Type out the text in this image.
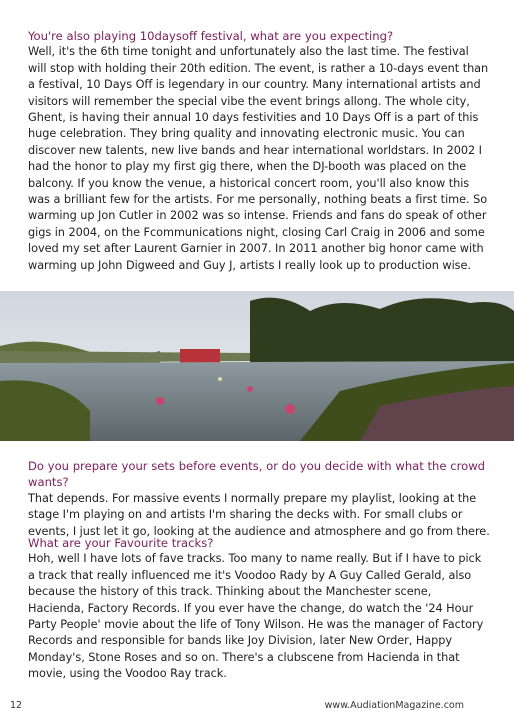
You're also playing 10daysoff festival, what are you expecting?

Well, it's the 6th time tonight and unfortunately also the last time. The festival will stop with holding their 20th edition. The event, is rather a 10-days event than a festival, 10 Days Off is legendary in our country. Many international artists and visitors will remember the special vibe the event brings allong. The whole city, Ghent, is having their annual 10 days festivities and 10 Days Off is a part of this huge celebration. They bring quality and innovating electronic music. You can discover new talents, new live bands and hear international worldstars. In 2002 I had the honor to play my first gig there, when the DJ-booth was placed on the balcony. If you know the venue, a historical concert room, you'll also know this was a brilliant few for the artists. For me personally, nothing beats a first time. So warming up Jon Cutler in 2002 was so intense. Friends and fans do speak of other gigs in 2004, on the Fcommunications night, closing Carl Craig in 2006 and some loved my set after Laurent Garnier in 2007. In 2011 another big honor came with warming up John Digweed and Guy J, artists I really look up to production wise.

Do you prepare your sets before events, or do you decide with what the crowd wants?

That depends. For massive events I normally prepare my playlist, looking at the stage I'm playing on and artists I'm sharing the decks with. For small clubs or events, I just let it go, looking at the audience and atmosphere and go from there.

What are your Favourite tracks?

Hoh, well I have lots of fave tracks. Too many to name really. But if I have to pick a track that really influenced me it's Voodoo Rady by A Guy Called Gerald, also because the history of this track. Thinking about the Manchester scene, Hacienda, Factory Records. If you ever have the change, do watch the '24 Hour Party People' movie about the life of Tony Wilson. He was the manager of Factory Records and responsible for bands like Joy Division, later New Order, Happy Monday's, Stone Roses and so on. There's a clubscene from Hacienda in that movie, using the Voodoo Ray track.

12	www.AudiationMagazine.com
